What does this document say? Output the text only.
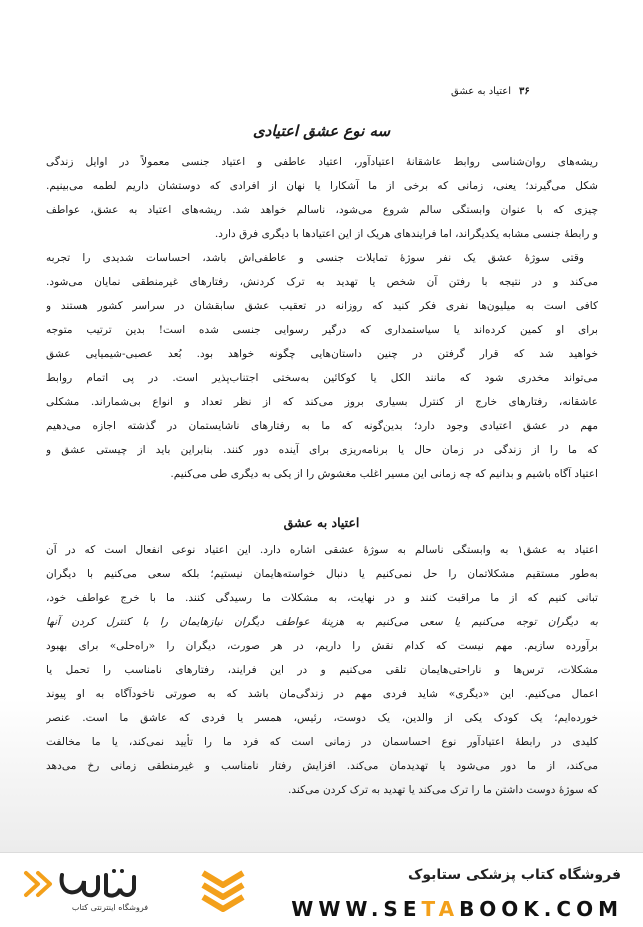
۳۶
اعتیاد به عشق
سه نوع عشق اعتیادی
ریشه‌های روان‌شناسی روابط عاشقانهٔ اعتیادآور، اعتیاد عاطفی و اعتیاد جنسی معمولاً در اوایل زندگی
شکل می‌گیرند؛ یعنی، زمانی که برخی از ما آشکارا یا نهان از افرادی که دوستشان داریم لطمه می‌بینیم.
چیزی که با عنوان وابستگی سالم شروع می‌شود، ناسالم خواهد شد. ریشه‌های اعتیاد به عشق، عواطف
و رابطهٔ جنسی مشابه یکدیگراند، اما فرایندهای هریک از این اعتیادها با دیگری فرق دارد.
وقتی سوژهٔ عشق یک نفر سوژهٔ تمایلات جنسی و عاطفی‌اش باشد، احساسات شدیدی را تجربه
می‌کند و در نتیجه با رفتن آن شخص یا تهدید به ترک کردنش، رفتارهای غیرمنطقی نمایان می‌شود.
کافی است به میلیون‌ها نفری فکر کنید که روزانه در تعقیب عشق سابقشان در سراسر کشور هستند و
برای او کمین کرده‌اند یا سیاستمداری که درگیر رسوایی جنسی شده است! بدین ترتیب متوجه
خواهید شد که قرار گرفتن در چنین داستان‌هایی چگونه خواهد بود. بُعد عصبی-شیمیایی عشق
می‌تواند مخدری شود که مانند الکل یا کوکائین به‌سختی اجتناب‌پذیر است. در پی اتمام روابط
عاشقانه، رفتارهای خارج از کنترل بسیاری بروز می‌کند که از نظر تعداد و انواع بی‌شماراند. مشکلی
مهم در عشق اعتیادی وجود دارد؛ بدین‌گونه که ما به رفتارهای ناشایستمان در گذشته اجازه می‌دهیم
که ما را از زندگی در زمان حال یا برنامه‌ریزی برای آینده دور کنند. بنابراین باید از چیستی عشق و
اعتیاد آگاه باشیم و بدانیم که چه زمانی این مسیر اغلب مغشوش را از یکی به دیگری طی می‌کنیم.
اعتیاد به عشق
اعتیاد به عشق۱ به وابستگی ناسالم به سوژهٔ عشقی اشاره دارد. این اعتیاد نوعی انفعال است که در آن
به‌طور مستقیم مشکلاتمان را حل نمی‌کنیم یا دنبال خواسته‌هایمان نیستیم؛ بلکه سعی می‌کنیم با دیگران
تبانی کنیم که از ما مراقبت کنند و در نهایت، به مشکلات ما رسیدگی کنند. ما با خرج عواطف خود،
به دیگران توجه می‌کنیم یا سعی می‌کنیم به هزینهٔ عواطف دیگران نیازهایمان را با کنترل کردن آنها
برآورده سازیم. مهم نیست که کدام نقش را داریم، در هر صورت، دیگران را «راه‌حلی» برای بهبود
مشکلات، ترس‌ها و ناراحتی‌هایمان تلقی می‌کنیم و در این فرایند، رفتارهای نامناسب را تحمل یا
اعمال می‌کنیم. این «دیگری» شاید فردی مهم در زندگی‌مان باشد که به صورتی ناخودآگاه به او پیوند
خورده‌ایم؛ یک کودک یکی از والدین، یک دوست، رئیس، همسر یا فردی که عاشق ما است. عنصر
کلیدی در رابطهٔ اعتیادآور نوع احساسمان در زمانی است که فرد ما را تأیید نمی‌کند، یا ما مخالفت
می‌کند، از ما دور می‌شود یا تهدیدمان می‌کند. افزایش رفتار نامناسب و غیرمنطقی زمانی رخ می‌دهد
که سوژهٔ دوست داشتن ما را ترک می‌کند یا تهدید به ترک کردن می‌کند.
فروشگاه اینترنتی کتاب
فروشگاه کتاب پزشکی ستابوک
WWW.SETABOOK.COM
